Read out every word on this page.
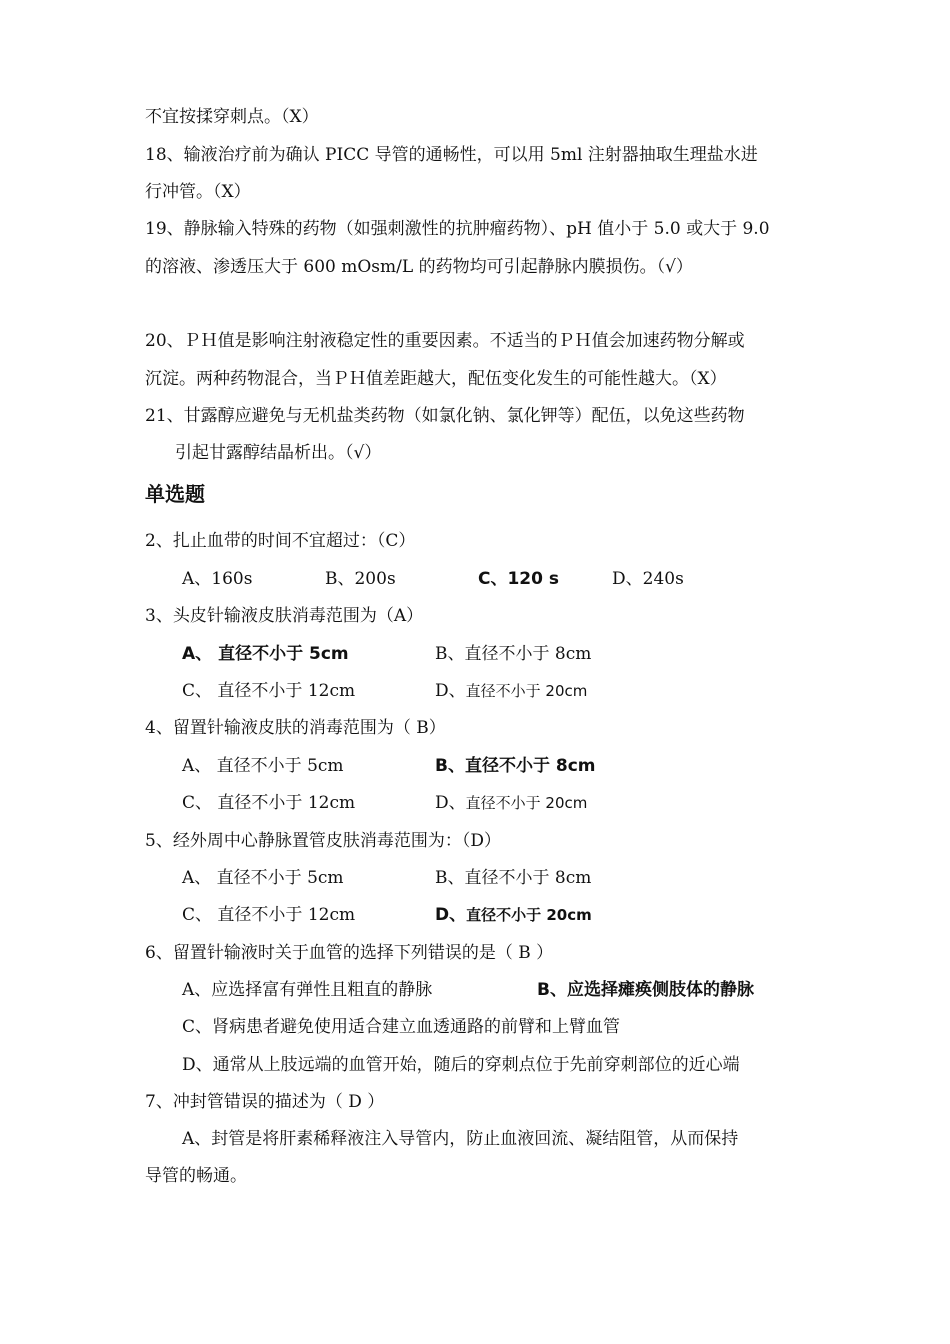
不宜按揉穿刺点。（X）
18、输液治疗前为确认 PICC 导管的通畅性，可以用 5ml 注射器抽取生理盐水进
行冲管。（X）
19、静脉输入特殊的药物（如强刺激性的抗肿瘤药物）、pH 值小于 5.0 或大于 9.0
的溶液、渗透压大于 600 mOsm/L 的药物均可引起静脉内膜损伤。（√）
20、ＰＨ值是影响注射液稳定性的重要因素。不适当的ＰＨ值会加速药物分解或
沉淀。两种药物混合，当ＰＨ值差距越大，配伍变化发生的可能性越大。（X）
21、甘露醇应避免与无机盐类药物（如氯化钠、氯化钾等）配伍，以免这些药物
引起甘露醇结晶析出。（√）
单选题
2、扎止血带的时间不宜超过：（C）
A、160s	B、200s	C、120 s	D、240s
3、头皮针输液皮肤消毒范围为（A）
A、 直径不小于 5cm	B、直径不小于 8cm
C、 直径不小于 12cm	D、直径不小于 20cm
4、留置针输液皮肤的消毒范围为（ B）
A、 直径不小于 5cm	B、直径不小于 8cm
C、 直径不小于 12cm	D、直径不小于 20cm
5、经外周中心静脉置管皮肤消毒范围为：（D）
A、 直径不小于 5cm	B、直径不小于 8cm
C、 直径不小于 12cm	D、直径不小于 20cm
6、留置针输液时关于血管的选择下列错误的是（ B ）
A、应选择富有弹性且粗直的静脉	B、应选择瘫痪侧肢体的静脉
C、肾病患者避免使用适合建立血透通路的前臂和上臂血管
D、通常从上肢远端的血管开始，随后的穿刺点位于先前穿刺部位的近心端
7、冲封管错误的描述为（ D ）
A、封管是将肝素稀释液注入导管内，防止血液回流、凝结阻管，从而保持
导管的畅通。
